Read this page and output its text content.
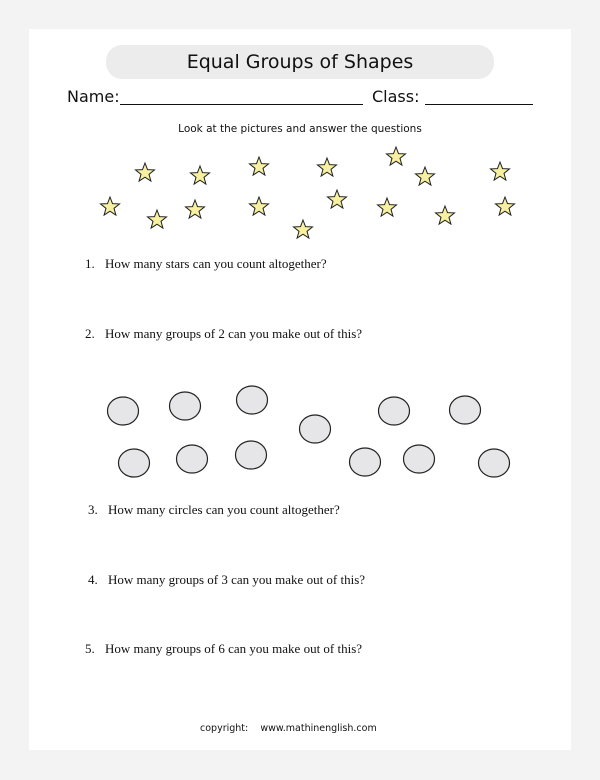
Equal Groups of Shapes
Name:	Class:
Look at the pictures and answer the questions
1. How many stars can you count altogether?
2. How many groups of 2 can you make out of this?
3. How many circles can you count altogether?
4. How many groups of 3 can you make out of this?
5. How many groups of 6 can you make out of this?
copyright: www.mathinenglish.com
